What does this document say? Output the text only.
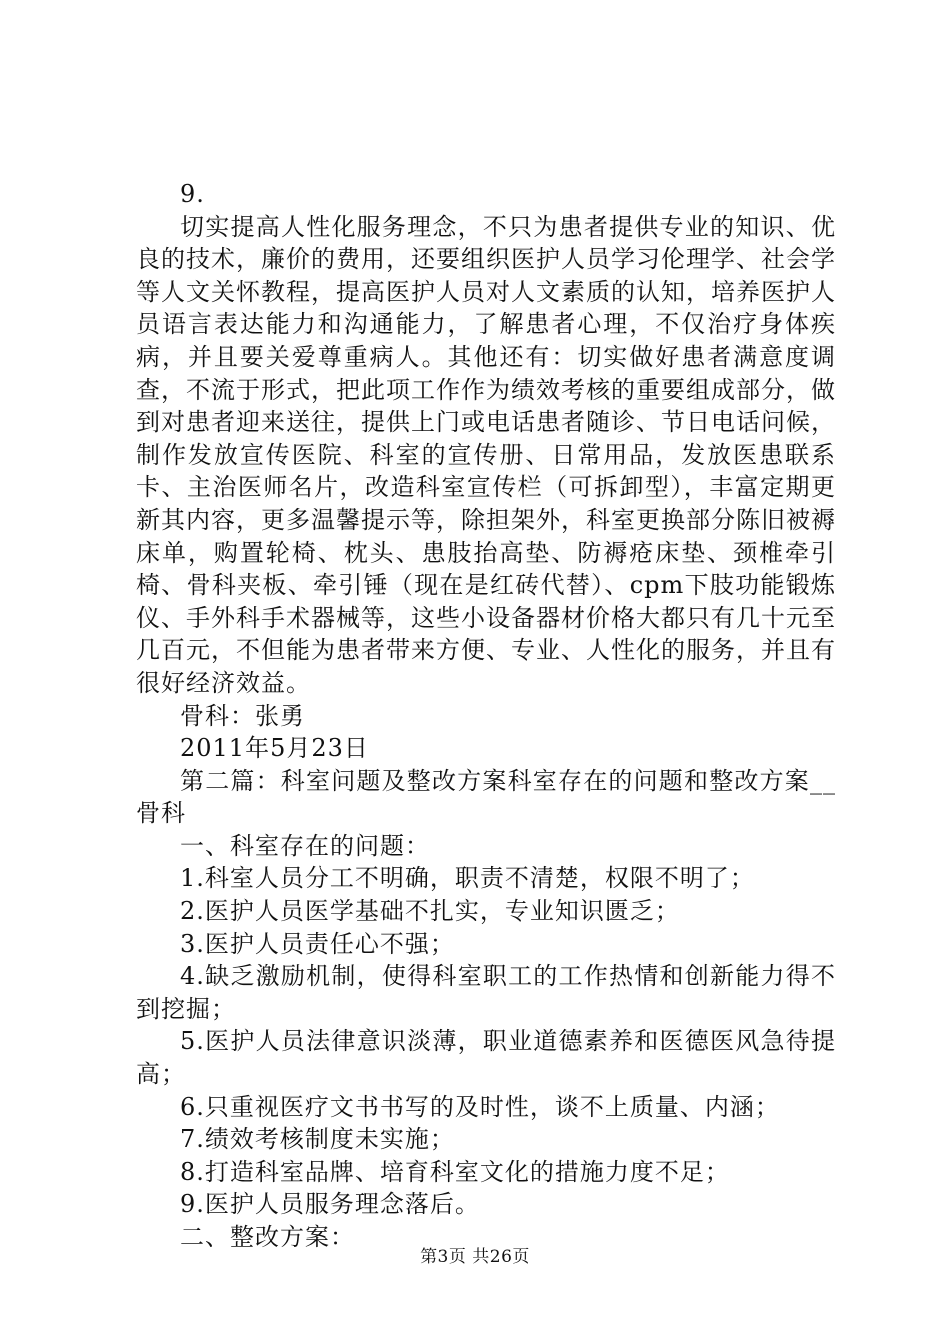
9.

切实提高人性化服务理念，不只为患者提供专业的知识、优良的技术，廉价的费用，还要组织医护人员学习伦理学、社会学等人文关怀教程，提高医护人员对人文素质的认知，培养医护人员语言表达能力和沟通能力，了解患者心理，不仅治疗身体疾病，并且要关爱尊重病人。其他还有：切实做好患者满意度调查，不流于形式，把此项工作作为绩效考核的重要组成部分，做到对患者迎来送往，提供上门或电话患者随诊、节日电话问候，制作发放宣传医院、科室的宣传册、日常用品，发放医患联系卡、主治医师名片，改造科室宣传栏（可拆卸型），丰富定期更新其内容，更多温馨提示等，除担架外，科室更换部分陈旧被褥床单，购置轮椅、枕头、患肢抬高垫、防褥疮床垫、颈椎牵引椅、骨科夹板、牵引锤（现在是红砖代替）、cpm下肢功能锻炼仪、手外科手术器械等，这些小设备器材价格大都只有几十元至几百元，不但能为患者带来方便、专业、人性化的服务，并且有很好经济效益。

骨科：张勇

2011年5月23日

第二篇：科室问题及整改方案科室存在的问题和整改方案__骨科

一、科室存在的问题：

1.科室人员分工不明确，职责不清楚，权限不明了；

2.医护人员医学基础不扎实，专业知识匮乏；

3.医护人员责任心不强；

4.缺乏激励机制，使得科室职工的工作热情和创新能力得不到挖掘；

5.医护人员法律意识淡薄，职业道德素养和医德医风急待提高；

6.只重视医疗文书书写的及时性，谈不上质量、内涵；

7.绩效考核制度未实施；

8.打造科室品牌、培育科室文化的措施力度不足；

9.医护人员服务理念落后。

二、整改方案：

第3页 共26页
